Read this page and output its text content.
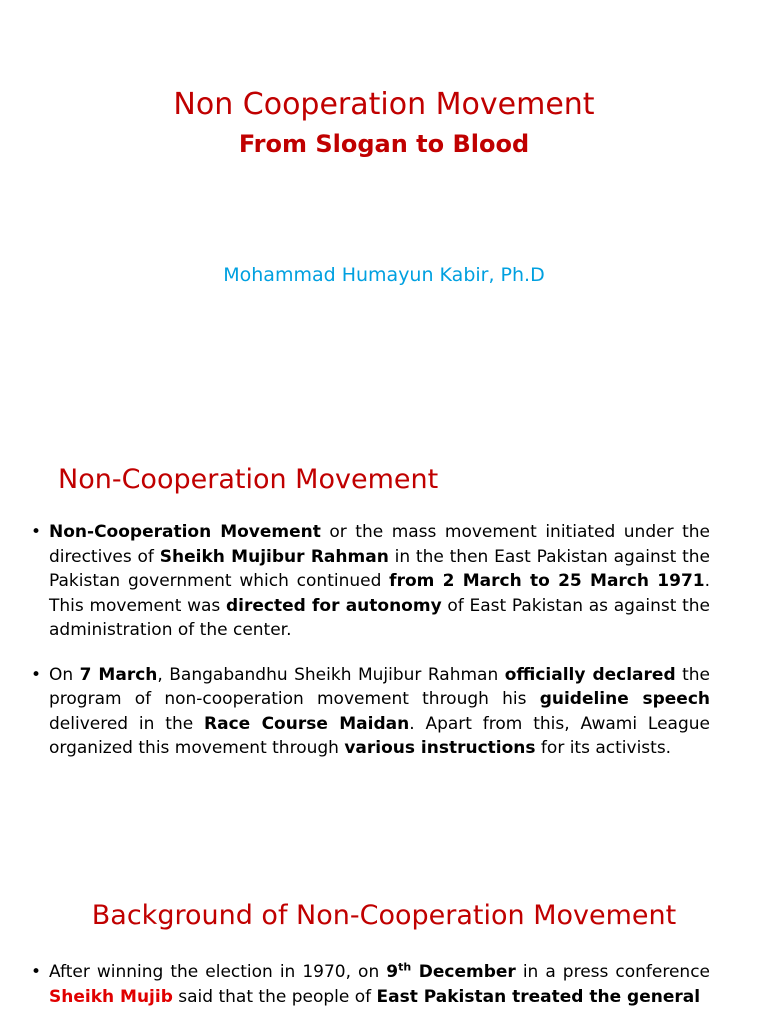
Non Cooperation Movement
From Slogan to Blood
Mohammad Humayun Kabir, Ph.D
Non-Cooperation Movement
• Non-Cooperation Movement or the mass movement initiated under the directives of Sheikh Mujibur Rahman in the then East Pakistan against the Pakistan government which continued from 2 March to 25 March 1971. This movement was directed for autonomy of East Pakistan as against the administration of the center.
• On 7 March, Bangabandhu Sheikh Mujibur Rahman officially declared the program of non-cooperation movement through his guideline speech delivered in the Race Course Maidan. Apart from this, Awami League organized this movement through various instructions for its activists.
Background of Non-Cooperation Movement
• After winning the election in 1970, on 9th December in a press conference Sheikh Mujib said that the people of East Pakistan treated the general
